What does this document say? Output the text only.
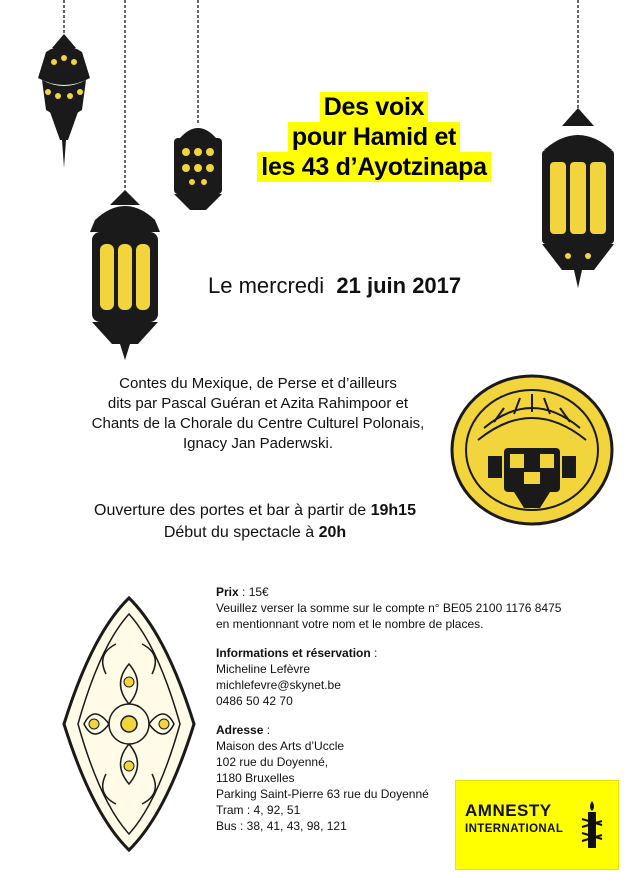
Des voix
pour Hamid et
les 43 d’Ayotzinapa
Le mercredi 21 juin 2017
Contes du Mexique, de Perse et d’ailleurs
dits par Pascal Guéran et Azita Rahimpoor et
Chants de la Chorale du Centre Culturel Polonais,
Ignacy Jan Paderwski.
Ouverture des portes et bar à partir de 19h15
Début du spectacle à 20h
Prix : 15€
Veuillez verser la somme sur le compte n° BE05 2100 1176 8475
en mentionnant votre nom et le nombre de places.
Informations et réservation :
Micheline Lefèvre
michlefevre@skynet.be
0486 50 42 70
Adresse :
Maison des Arts d’Uccle
102 rue du Doyenné,
1180 Bruxelles
Parking Saint-Pierre 63 rue du Doyenné
Tram : 4, 92, 51
Bus : 38, 41, 43, 98, 121
AMNESTY
INTERNATIONAL
